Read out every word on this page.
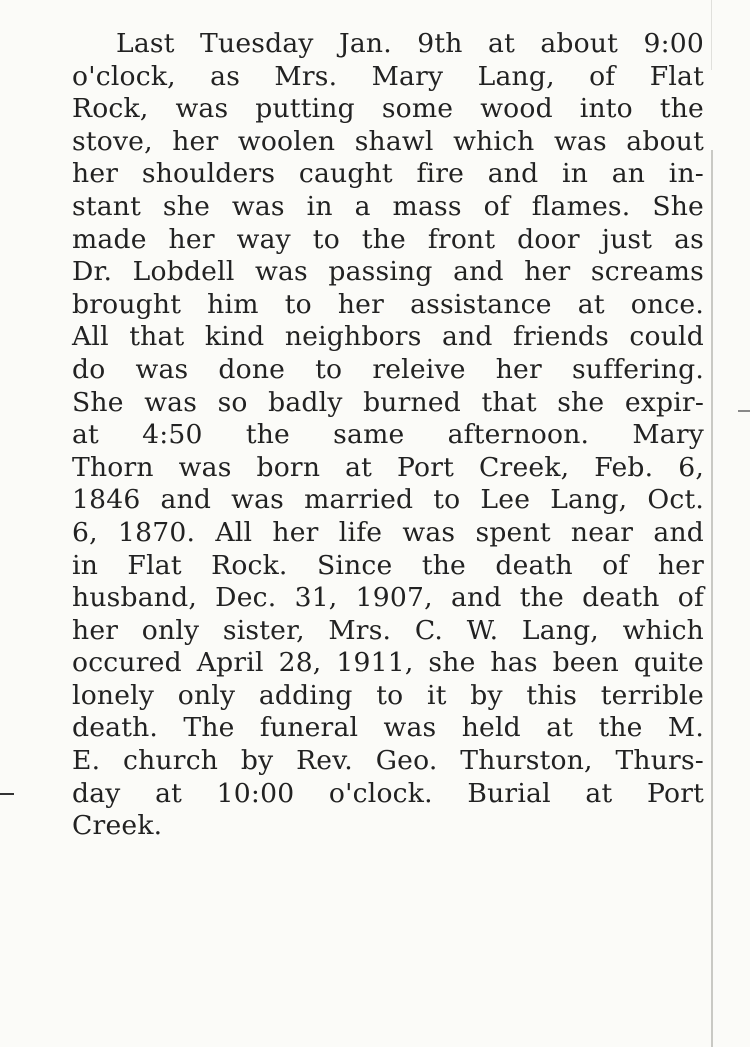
Last Tuesday Jan. 9th at about 9:00
o'clock, as Mrs. Mary Lang, of Flat
Rock, was putting some wood into the
stove, her woolen shawl which was about
her shoulders caught fire and in an in-
stant she was in a mass of flames. She
made her way to the front door just as
Dr. Lobdell was passing and her screams
brought him to her assistance at once.
All that kind neighbors and friends could
do was done to releive her suffering.
She was so badly burned that she expir-
at 4:50 the same afternoon. Mary
Thorn was born at Port Creek, Feb. 6,
1846 and was married to Lee Lang, Oct.
6, 1870. All her life was spent near and
in Flat Rock. Since the death of her
husband, Dec. 31, 1907, and the death of
her only sister, Mrs. C. W. Lang, which
occured April 28, 1911, she has been quite
lonely only adding to it by this terrible
death. The funeral was held at the M.
E. church by Rev. Geo. Thurston, Thurs-
day at 10:00 o'clock. Burial at Port
Creek.
